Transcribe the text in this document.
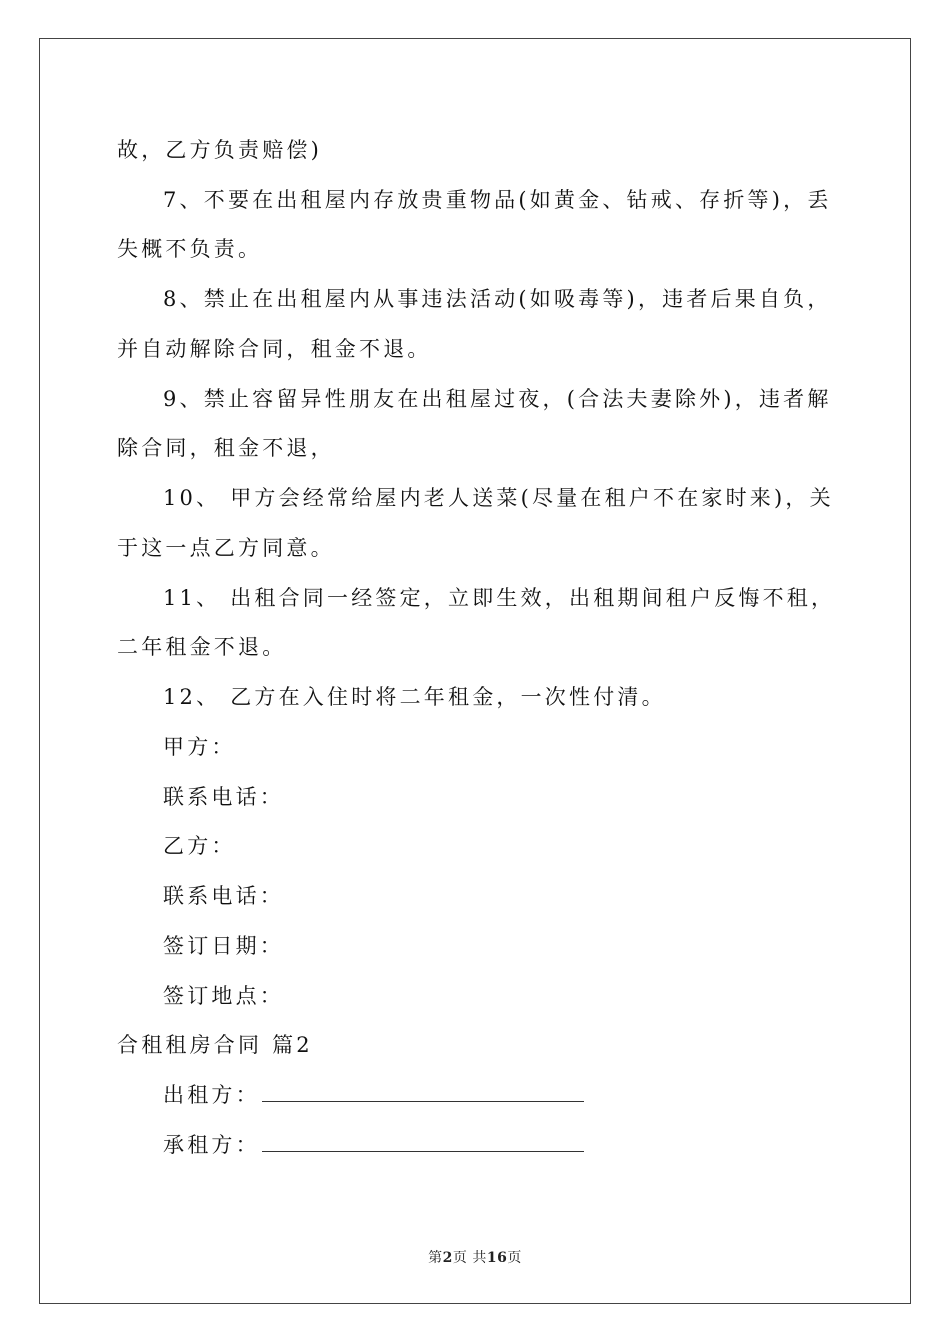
故，乙方负责赔偿)
7、不要在出租屋内存放贵重物品(如黄金、钻戒、存折等)，丢
失概不负责。
8、禁止在出租屋内从事违法活动(如吸毒等)，违者后果自负，
并自动解除合同，租金不退。
9、禁止容留异性朋友在出租屋过夜，(合法夫妻除外)，违者解
除合同，租金不退，
10、 甲方会经常给屋内老人送菜(尽量在租户不在家时来)，关
于这一点乙方同意。
11、 出租合同一经签定，立即生效，出租期间租户反悔不租，
二年租金不退。
12、 乙方在入住时将二年租金，一次性付清。
甲方：
联系电话：
乙方：
联系电话：
签订日期：
签订地点：
合租租房合同 篇2
出租方：
承租方：
第2页 共16页
